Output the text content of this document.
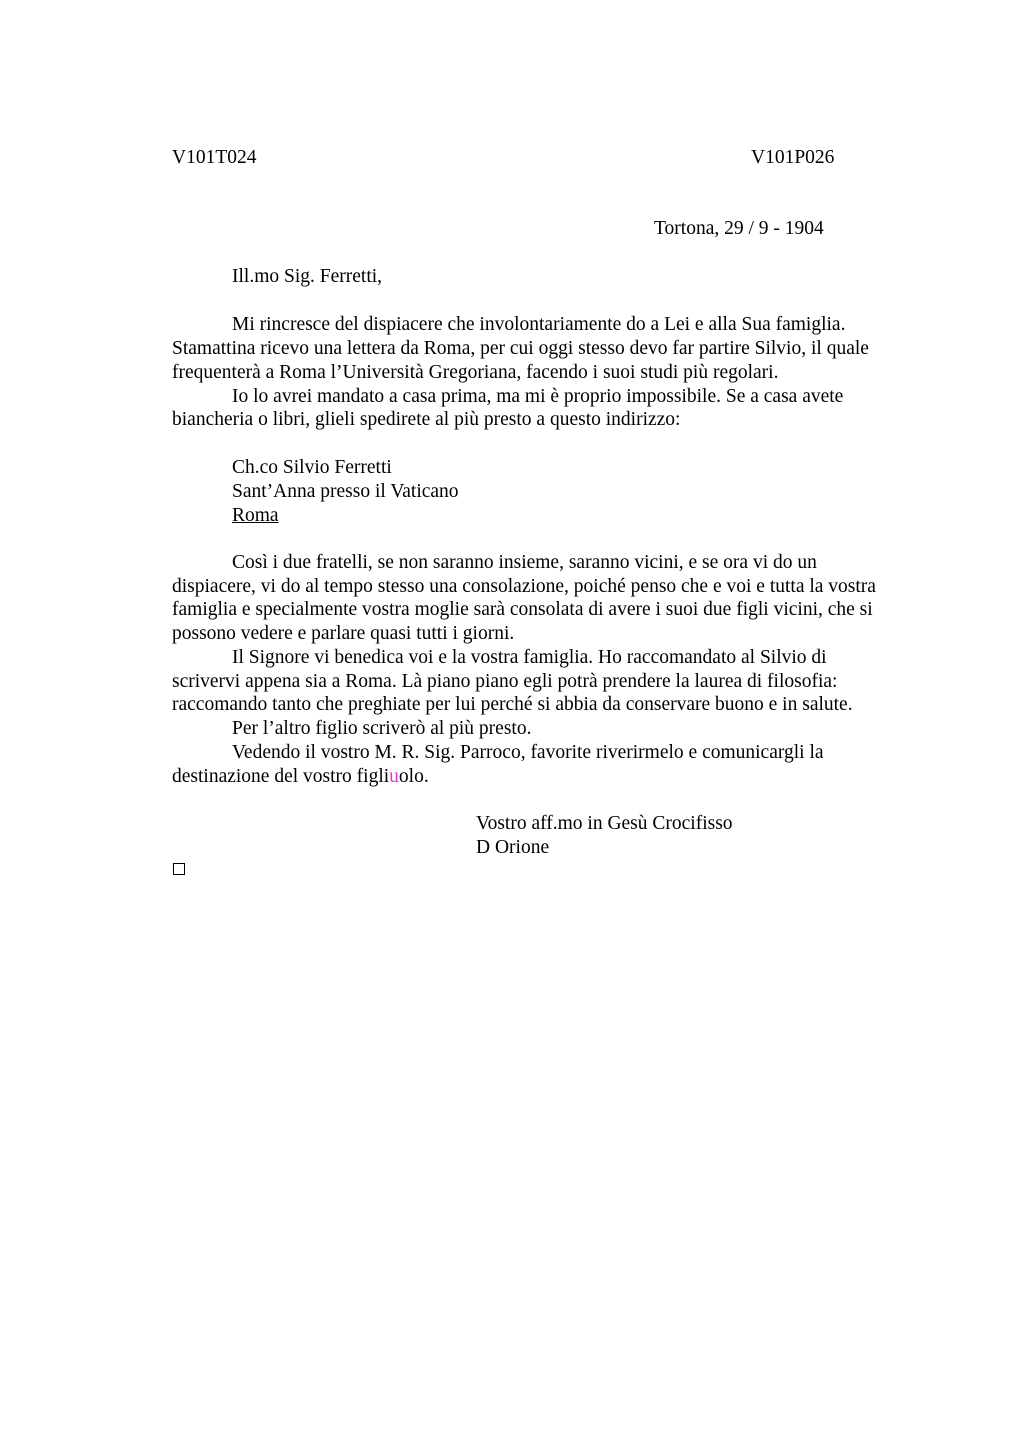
V101T024	V101P026
Tortona, 29 / 9 - 1904
Ill.mo Sig. Ferretti,
Mi rincresce del dispiacere che involontariamente do a Lei e alla Sua famiglia.
Stamattina ricevo una lettera da Roma, per cui oggi stesso devo far partire Silvio, il quale
frequenterà a Roma l’Università Gregoriana, facendo i suoi studi più regolari.
Io lo avrei mandato a casa prima, ma mi è proprio impossibile. Se a casa avete
biancheria o libri, glieli spedirete al più presto a questo indirizzo:
Ch.co Silvio Ferretti
Sant’Anna presso il Vaticano
Roma
Così i due fratelli, se non saranno insieme, saranno vicini, e se ora vi do un
dispiacere, vi do al tempo stesso una consolazione, poiché penso che e voi e tutta la vostra
famiglia e specialmente vostra moglie sarà consolata di avere i suoi due figli vicini, che si
possono vedere e parlare quasi tutti i giorni.
Il Signore vi benedica voi e la vostra famiglia. Ho raccomandato al Silvio di
scrivervi appena sia a Roma. Là piano piano egli potrà prendere la laurea di filosofia:
raccomando tanto che preghiate per lui perché si abbia da conservare buono e in salute.
Per l’altro figlio scriverò al più presto.
Vedendo il vostro M. R. Sig. Parroco, favorite riverirmelo e comunicargli la
destinazione del vostro figliuolo.
Vostro aff.mo in Gesù Crocifisso
D Orione
